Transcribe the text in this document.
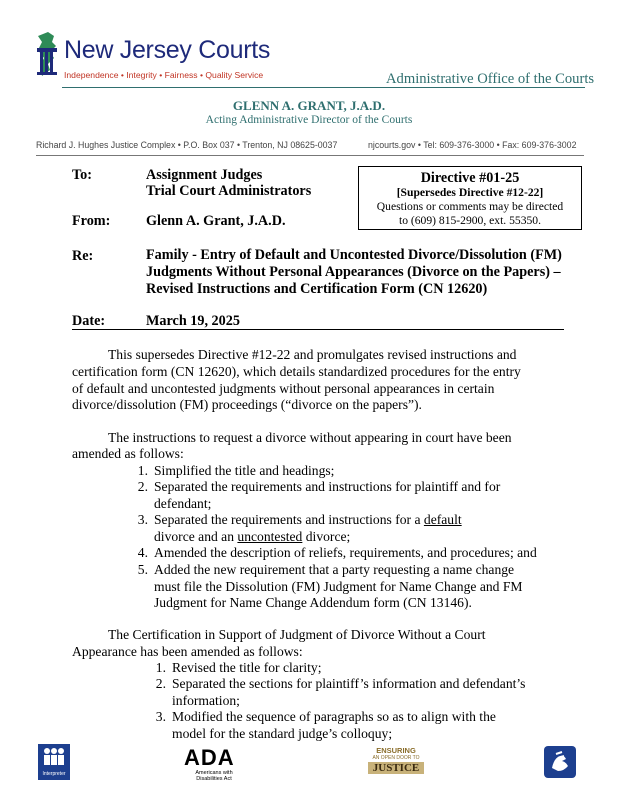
New Jersey Courts
Independence • Integrity • Fairness • Quality Service	Administrative Office of the Courts
GLENN A. GRANT, J.A.D.
Acting Administrative Director of the Courts
Richard J. Hughes Justice Complex • P.O. Box 037 • Trenton, NJ 08625-0037	njcourts.gov • Tel: 609-376-3000 • Fax: 609-376-3002
To:	Assignment Judges
Trial Court Administrators
Directive #01-25
[Supersedes Directive #12-22]
Questions or comments may be directed
to (609) 815-2900, ext. 55350.
From:	Glenn A. Grant, J.A.D.
Re:	Family - Entry of Default and Uncontested Divorce/Dissolution (FM)
Judgments Without Personal Appearances (Divorce on the Papers) –
Revised Instructions and Certification Form (CN 12620)
Date:	March 19, 2025
This supersedes Directive #12-22 and promulgates revised instructions and
certification form (CN 12620), which details standardized procedures for the entry
of default and uncontested judgments without personal appearances in certain
divorce/dissolution (FM) proceedings (“divorce on the papers”).
The instructions to request a divorce without appearing in court have been
amended as follows:
1. Simplified the title and headings;
2. Separated the requirements and instructions for plaintiff and for
defendant;
3. Separated the requirements and instructions for a default
divorce and an uncontested divorce;
4. Amended the description of reliefs, requirements, and procedures; and
5. Added the new requirement that a party requesting a name change
must file the Dissolution (FM) Judgment for Name Change and FM
Judgment for Name Change Addendum form (CN 13146).
The Certification in Support of Judgment of Divorce Without a Court
Appearance has been amended as follows:
1. Revised the title for clarity;
2. Separated the sections for plaintiff’s information and defendant’s
information;
3. Modified the sequence of paragraphs so as to align with the
model for the standard judge’s colloquy;
Interpreter
ADA
Americans with
Disabilities Act
ENSURING
AN OPEN DOOR TO
JUSTICE
